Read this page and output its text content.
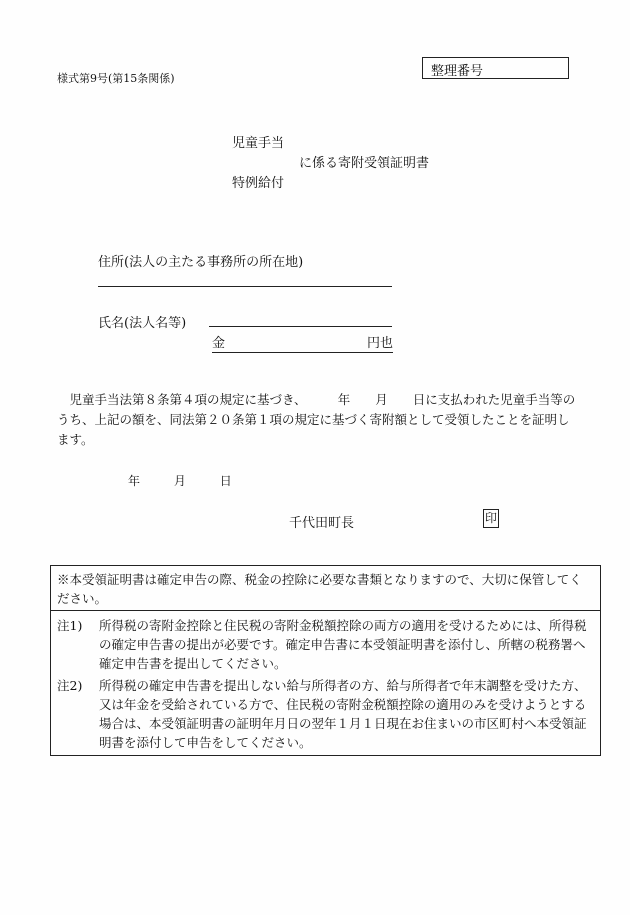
様式第9号(第15条関係)	整理番号
児童手当
に係る寄附受領証明書
特例給付
住所(法人の主たる事務所の所在地)
氏名(法人名等)
金	円也
　児童手当法第８条第４項の規定に基づき、　　　年　　月　　日に支払われた児童手当等のうち、上記の額を、同法第２０条第１項の規定に基づく寄附額として受領したことを証明します。
年	月	日
千代田町長	印

※本受領証明書は確定申告の際、税金の控除に必要な書類となりますので、大切に保管してください。

注1) 所得税の寄附金控除と住民税の寄附金税額控除の両方の適用を受けるためには、所得税の確定申告書の提出が必要です。確定申告書に本受領証明書を添付し、所轄の税務署へ確定申告書を提出してください。

注2) 所得税の確定申告書を提出しない給与所得者の方、給与所得者で年末調整を受けた方、又は年金を受給されている方で、住民税の寄附金税額控除の適用のみを受けようとする場合は、本受領証明書の証明年月日の翌年１月１日現在お住まいの市区町村へ本受領証明書を添付して申告をしてください。
